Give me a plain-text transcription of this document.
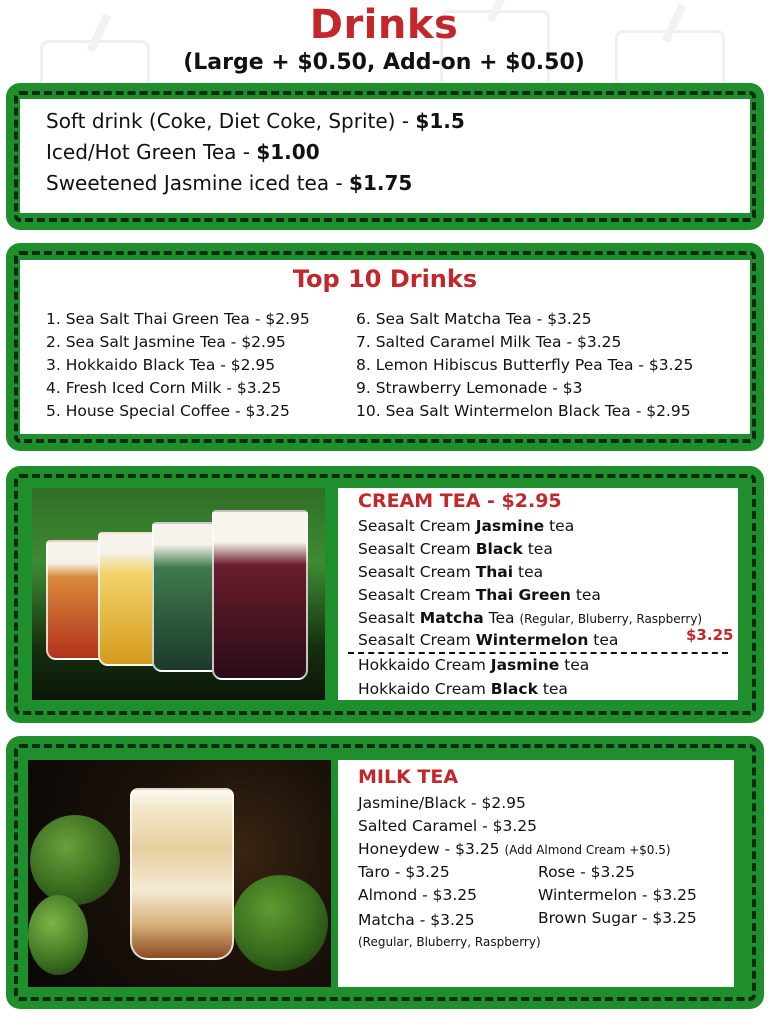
Drinks
(Large + $0.50, Add-on + $0.50)
Soft drink (Coke, Diet Coke, Sprite) - $1.5
Iced/Hot Green Tea - $1.00
Sweetened Jasmine iced tea - $1.75
Top 10 Drinks
1. Sea Salt Thai Green Tea - $2.95
2. Sea Salt Jasmine Tea - $2.95
3. Hokkaido Black Tea - $2.95
4. Fresh Iced Corn Milk - $3.25
5. House Special Coffee - $3.25
6. Sea Salt Matcha Tea - $3.25
7. Salted Caramel Milk Tea - $3.25
8. Lemon Hibiscus Butterfly Pea Tea - $3.25
9. Strawberry Lemonade - $3
10. Sea Salt Wintermelon Black Tea - $2.95
CREAM TEA - $2.95
Seasalt Cream Jasmine tea
Seasalt Cream Black tea
Seasalt Cream Thai tea
Seasalt Cream Thai Green tea
Seasalt Matcha Tea (Regular, Bluberry, Raspberry)
Seasalt Cream Wintermelon tea	$3.25
Hokkaido Cream Jasmine tea
Hokkaido Cream Black tea
MILK TEA
Jasmine/Black - $2.95
Salted Caramel - $3.25
Honeydew - $3.25 (Add Almond Cream +$0.5)
Taro - $3.25
Almond - $3.25
Matcha - $3.25
(Regular, Bluberry, Raspberry)
Rose - $3.25
Wintermelon - $3.25
Brown Sugar - $3.25
